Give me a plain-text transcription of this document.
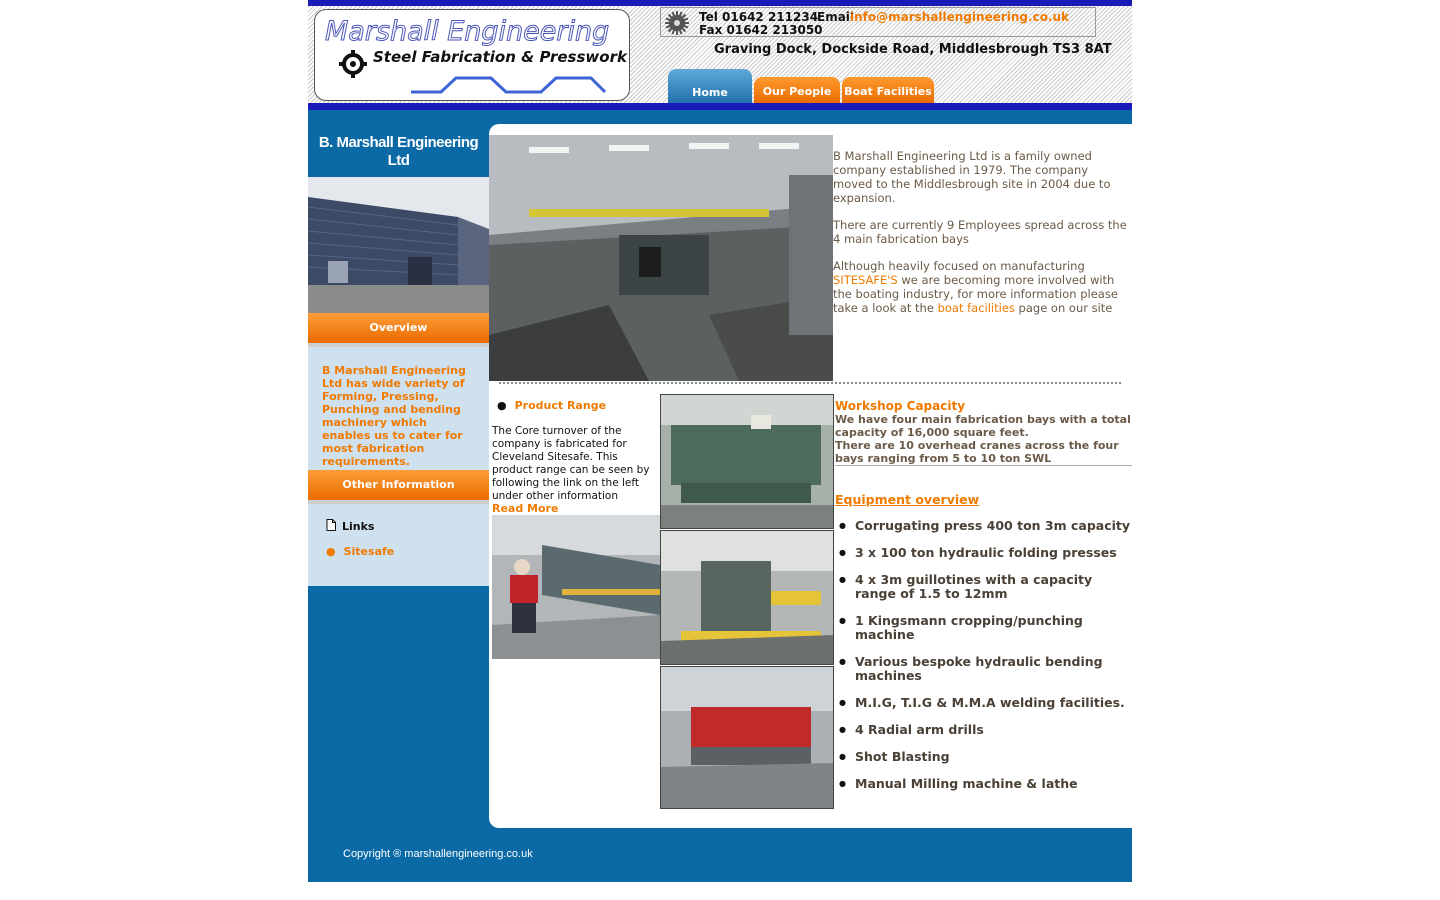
Marshall Engineering
Steel Fabrication & Presswork
Tel 01642 211234
Email
info@marshallengineering.co.uk
Fax 01642 213050
Graving Dock, Dockside Road, Middlesbrough TS3 8AT
Home	Our People	Boat Facilities
B. Marshall Engineering Ltd
Overview
B Marshall Engineering Ltd has wide variety of Forming, Pressing, Punching and bending machinery which enables us to cater for most fabrication requirements.
Other Information
Links
● Sitesafe

B Marshall Engineering Ltd is a family owned company established in 1979. The company moved to the Middlesbrough site in 2004 due to expansion.

There are currently 9 Employees spread across the 4 main fabrication bays

Although heavily focused on manufacturing
SITESAFE'S we are becoming more involved with the boating industry, for more information please take a look at the boat facilities page on our site

● Product Range
The Core turnover of the company is fabricated for Cleveland Sitesafe. This product range can be seen by following the link on the left under other information
Read More
Workshop Capacity
We have four main fabrication bays with a total capacity of 16,000 square feet.
There are 10 overhead cranes across the four bays ranging from 5 to 10 ton SWL
Equipment overview
● Corrugating press 400 ton 3m capacity
● 3 x 100 ton hydraulic folding presses
● 4 x 3m guillotines with a capacity range of 1.5 to 12mm
● 1 Kingsmann cropping/punching machine
● Various bespoke hydraulic bending machines
● M.I.G, T.I.G & M.M.A welding facilities.
● 4 Radial arm drills
● Shot Blasting
● Manual Milling machine & lathe
Copyright ® marshallengineering.co.uk
